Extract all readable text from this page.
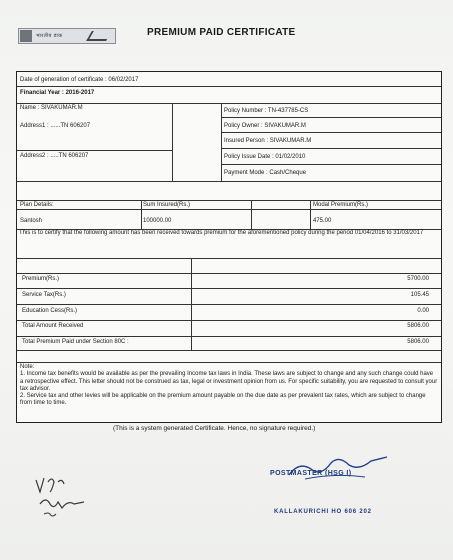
भारतीय डाक	PREMIUM PAID CERTIFICATE
Date of generation of certificate : 06/02/2017
Financial Year : 2016-2017
Name : SIVAKUMAR.M
Address1 : ......TN 606207
Address2 : .....TN 606207
Policy Number : TN-437785-CS
Policy Owner : SIVAKUMAR.M
Insured Person : SIVAKUMAR.M
Policy Issue Date : 01/02/2010
Payment Mode : Cash/Cheque
Plan Details:	Sum Insured(Rs.)	Modal Premium(Rs.)
Santosh	100000.00	475.00
This is to certify that the following amount has been received towards premium for the aforementioned policy during the period 01/04/2016 to 31/03/2017
Premium(Rs.)	5700.00
Service Tax(Rs.)	105.45
Education Cess(Rs.)	0.00
Total Amount Received	5806.00
Total Premium Paid under Section 80C :	5806.00
Note:
1. Income tax benefits would be available as per the prevailing Income tax laws in India. These laws are subject to change and any such change could have a retrospective effect. This letter should not be construed as tax, legal or investment opinion from us. For specific suitability, you are requested to consult your tax advisor.
2. Service tax and other levies will be applicable on the premium amount payable on the due date as per prevalent tax rates, which are subject to change from time to time.
(This is a system generated Certificate. Hence, no signature required.)
POSTMASTER (HSG I)
KALLAKURICHI HO 606 202
